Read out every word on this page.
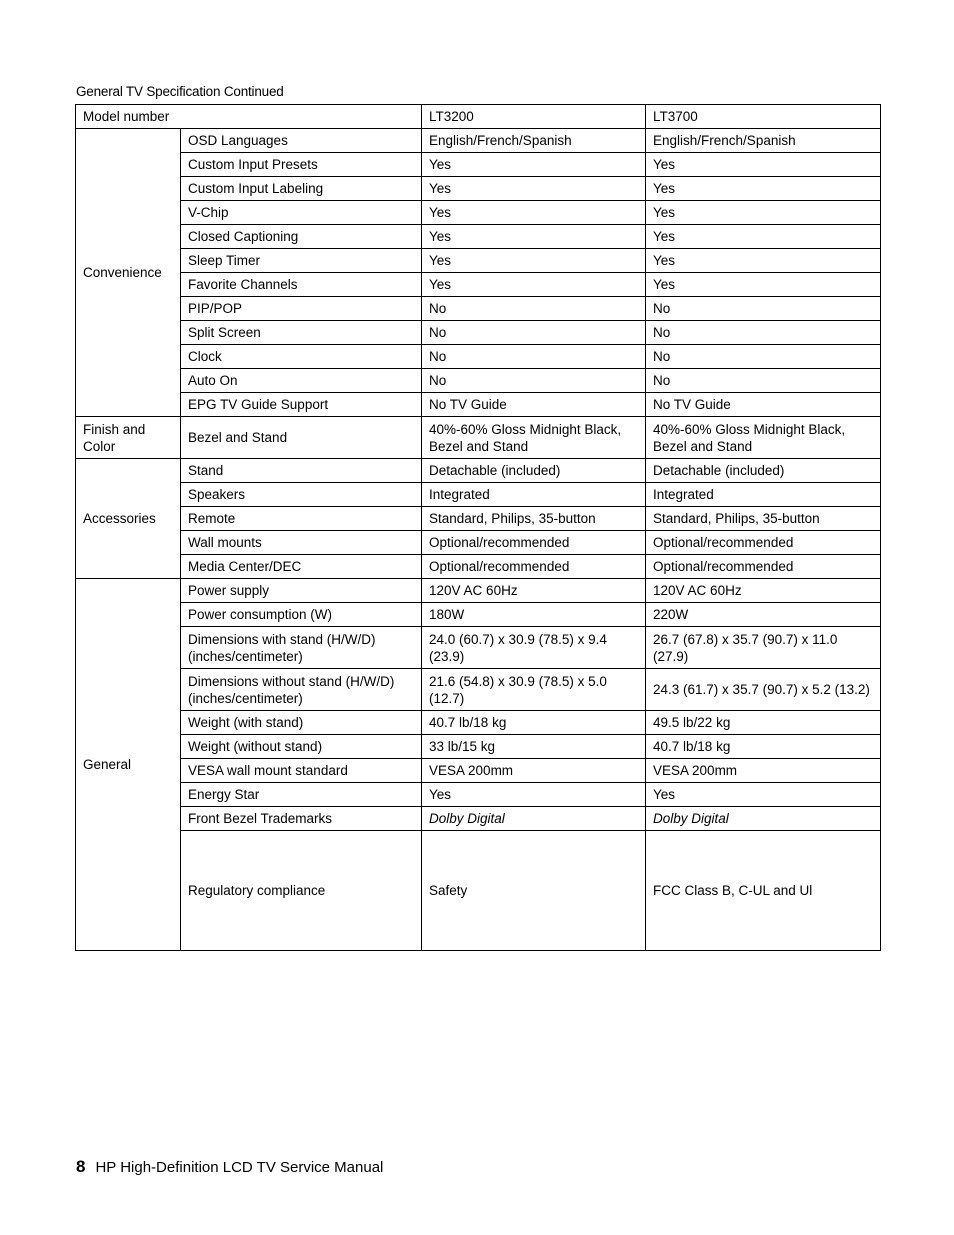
General TV Specification Continued
Model number		LT3200	LT3700	
Convenience	OSD Languages	English/French/Spanish	English/French/Spanish	
	Custom Input Presets	Yes	Yes	
	Custom Input Labeling	Yes	Yes	
	V-Chip	Yes	Yes	
	Closed Captioning	Yes	Yes	
	Sleep Timer	Yes	Yes	
	Favorite Channels	Yes	Yes	
	PIP/POP	No	No	
	Split Screen	No	No	
	Clock	No	No	
	Auto On	No	No	
	EPG TV Guide Support	No TV Guide	No TV Guide	
Finish and Color	Bezel and Stand	40%-60% Gloss Midnight Black, Bezel and Stand	40%-60% Gloss Midnight Black, Bezel and Stand	
Accessories	Stand	Detachable (included)	Detachable (included)	
	Speakers	Integrated	Integrated	
	Remote	Standard, Philips, 35-button	Standard, Philips, 35-button	
	Wall mounts	Optional/recommended	Optional/recommended	
	Media Center/DEC	Optional/recommended	Optional/recommended	
General	Power supply	120V AC 60Hz	120V AC 60Hz	
	Power consumption (W)	180W	220W	
	Dimensions with stand (H/W/D) (inches/centimeter)	24.0 (60.7) x 30.9 (78.5) x 9.4 (23.9)	26.7 (67.8) x 35.7 (90.7) x 11.0 (27.9)	
	Dimensions without stand (H/W/D) (inches/centimeter)	21.6 (54.8) x 30.9 (78.5) x 5.0 (12.7)	24.3 (61.7) x 35.7 (90.7) x 5.2 (13.2)	
	Weight (with stand)	40.7 lb/18 kg	49.5 lb/22 kg	
	Weight (without stand)	33 lb/15 kg	40.7 lb/18 kg	
	VESA wall mount standard	VESA 200mm	VESA 200mm	
	Energy Star	Yes	Yes	
	Front Bezel Trademarks	Dolby Digital	Dolby Digital	
	Regulatory compliance	Safety	FCC Class B, C-UL and Ul	
8 HP High-Definition LCD TV Service Manual
